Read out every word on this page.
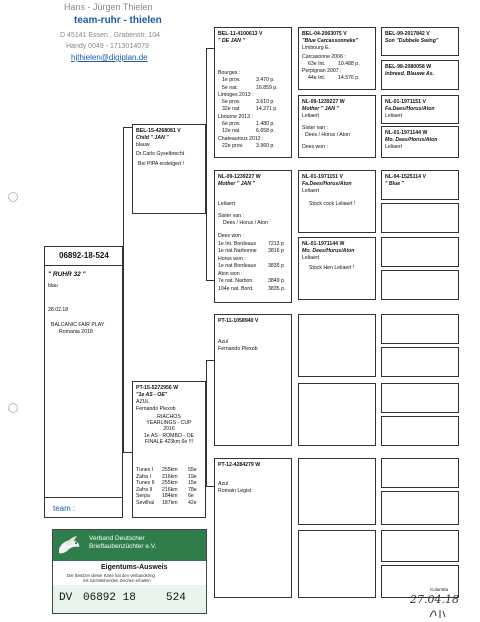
Hans - Jürgen Thielen
team-ruhr - thielen
D 45141 Essen , Grabenstr. 104
Handy 0049 - 1713014079
hjthielen@digiplan.de
06892-18-524
" RUHR 32 "
blau
28.02.18
BALCANIC FAIR PLAY
Romania 2018
team :
BEL-15-4268081 V
Child " JAN "
blauw
Dr.Carlo Gyselbrecht
Bei PIPA ersteigert !
PT-15-5272956 W
"1e AS - OE"
AZUL
Fernando Plexob
RIACHOS
YEARLINGS - CUP
2016
1e AS - ROMBO - OE
FINALE 423km 6e !!!
Tunes I 255km 55e
Zafra I 216km 19e
Tunes II 255km 15e
Zafra II 216km 78e
Serpa 184km 6e
Sevilhal 187km 42e
BEL-11-4100613 V
" DE JAN "
Bourges :
1e prov.	3.470 p.
5e nat.	16.859 p.
Limoges 2013 :
6e prov.	3.610 p.
32e nat	14.271 p.
Lbourne 2013 :
6e prov.	1.480 p.
12e nat	6.658 p.
Chateauroux 2012 :
22e prov. 3.960 p.
NL-09-1239227 W
Mother " JAN "
Leliaert
Sister van :
Dees / Horus / Aton
Dees won :
1e Int. Bordeaux 7213 p
1e nat.Narbonne 3816 p
Horus won :
1e nat Bordeaux 3835 p
Aton won :
7e nat. Narbon.	3849 p.
104e nat. Bord.	3835 p.
PT-11-1058940 V
Azul
Fernando Plexob
PT-12-4284279 W
Azul
Romain Legist
BEL-04-2063075 V
"Blue Carcassonneke"
Limbourg E.
Carcasonne 2006 :
63e Int. 10.488 p.
Perpignan 2007 :
44e Int. 14.576 p.
NL-09-1239227 W
Mother " JAN "
Leliaert
Sister van :
Dees / Horus / Aton
Dees won :
NL-01-1971151 V
Fa.Dees/Horus/Aton
Leliaert
Stock cock Leliaert !
NL-01-1971144 W
Mo. Dees/Horus/Aton
Leliaert
Stock Hen Leliaert !
BEL-99-2017842 V
Son "Dubbele Swing"
BEL-98-2080058 W
Inbreed. Blauwe As.
NL-01-1971151 V
Fa.Dees/Horus/Aton
Leliaert
NL-01-1971144 W
Mo. Dees/Horus/Aton
Leliaert
NL-94-1525114 V
" Blue "
Verband Deutscher
Brieftaubenzüchter e.V.
Eigentums-Ausweis
Der Besitzer dieser Karte hat den Verbandsring
mit nachstehenden Zeichen erhalten
DV 06892 18	524
Columba
27.04.18
